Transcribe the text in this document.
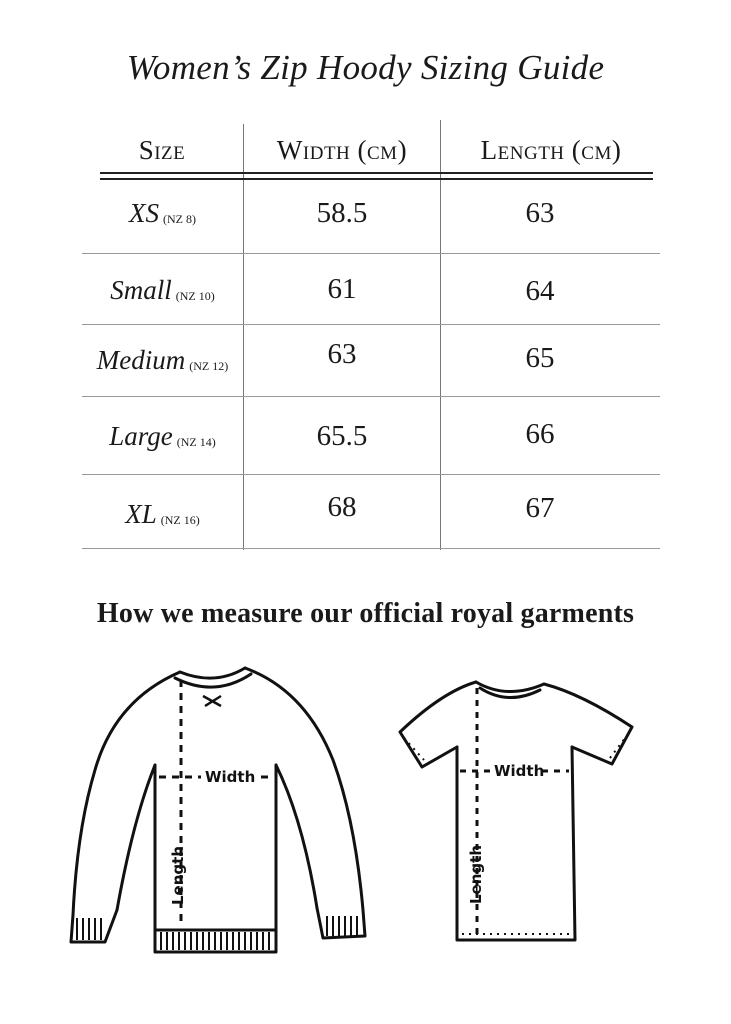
Women’s Zip Hoody Sizing Guide
Size	Width (cm)	Length (cm)
XS (NZ 8)	58.5	63
Small (NZ 10)	61	64
Medium (NZ 12)	63	65
Large (NZ 14)	65.5	66
XL (NZ 16)	68	67
How we measure our official royal garments
Width
Length
Width
Length
